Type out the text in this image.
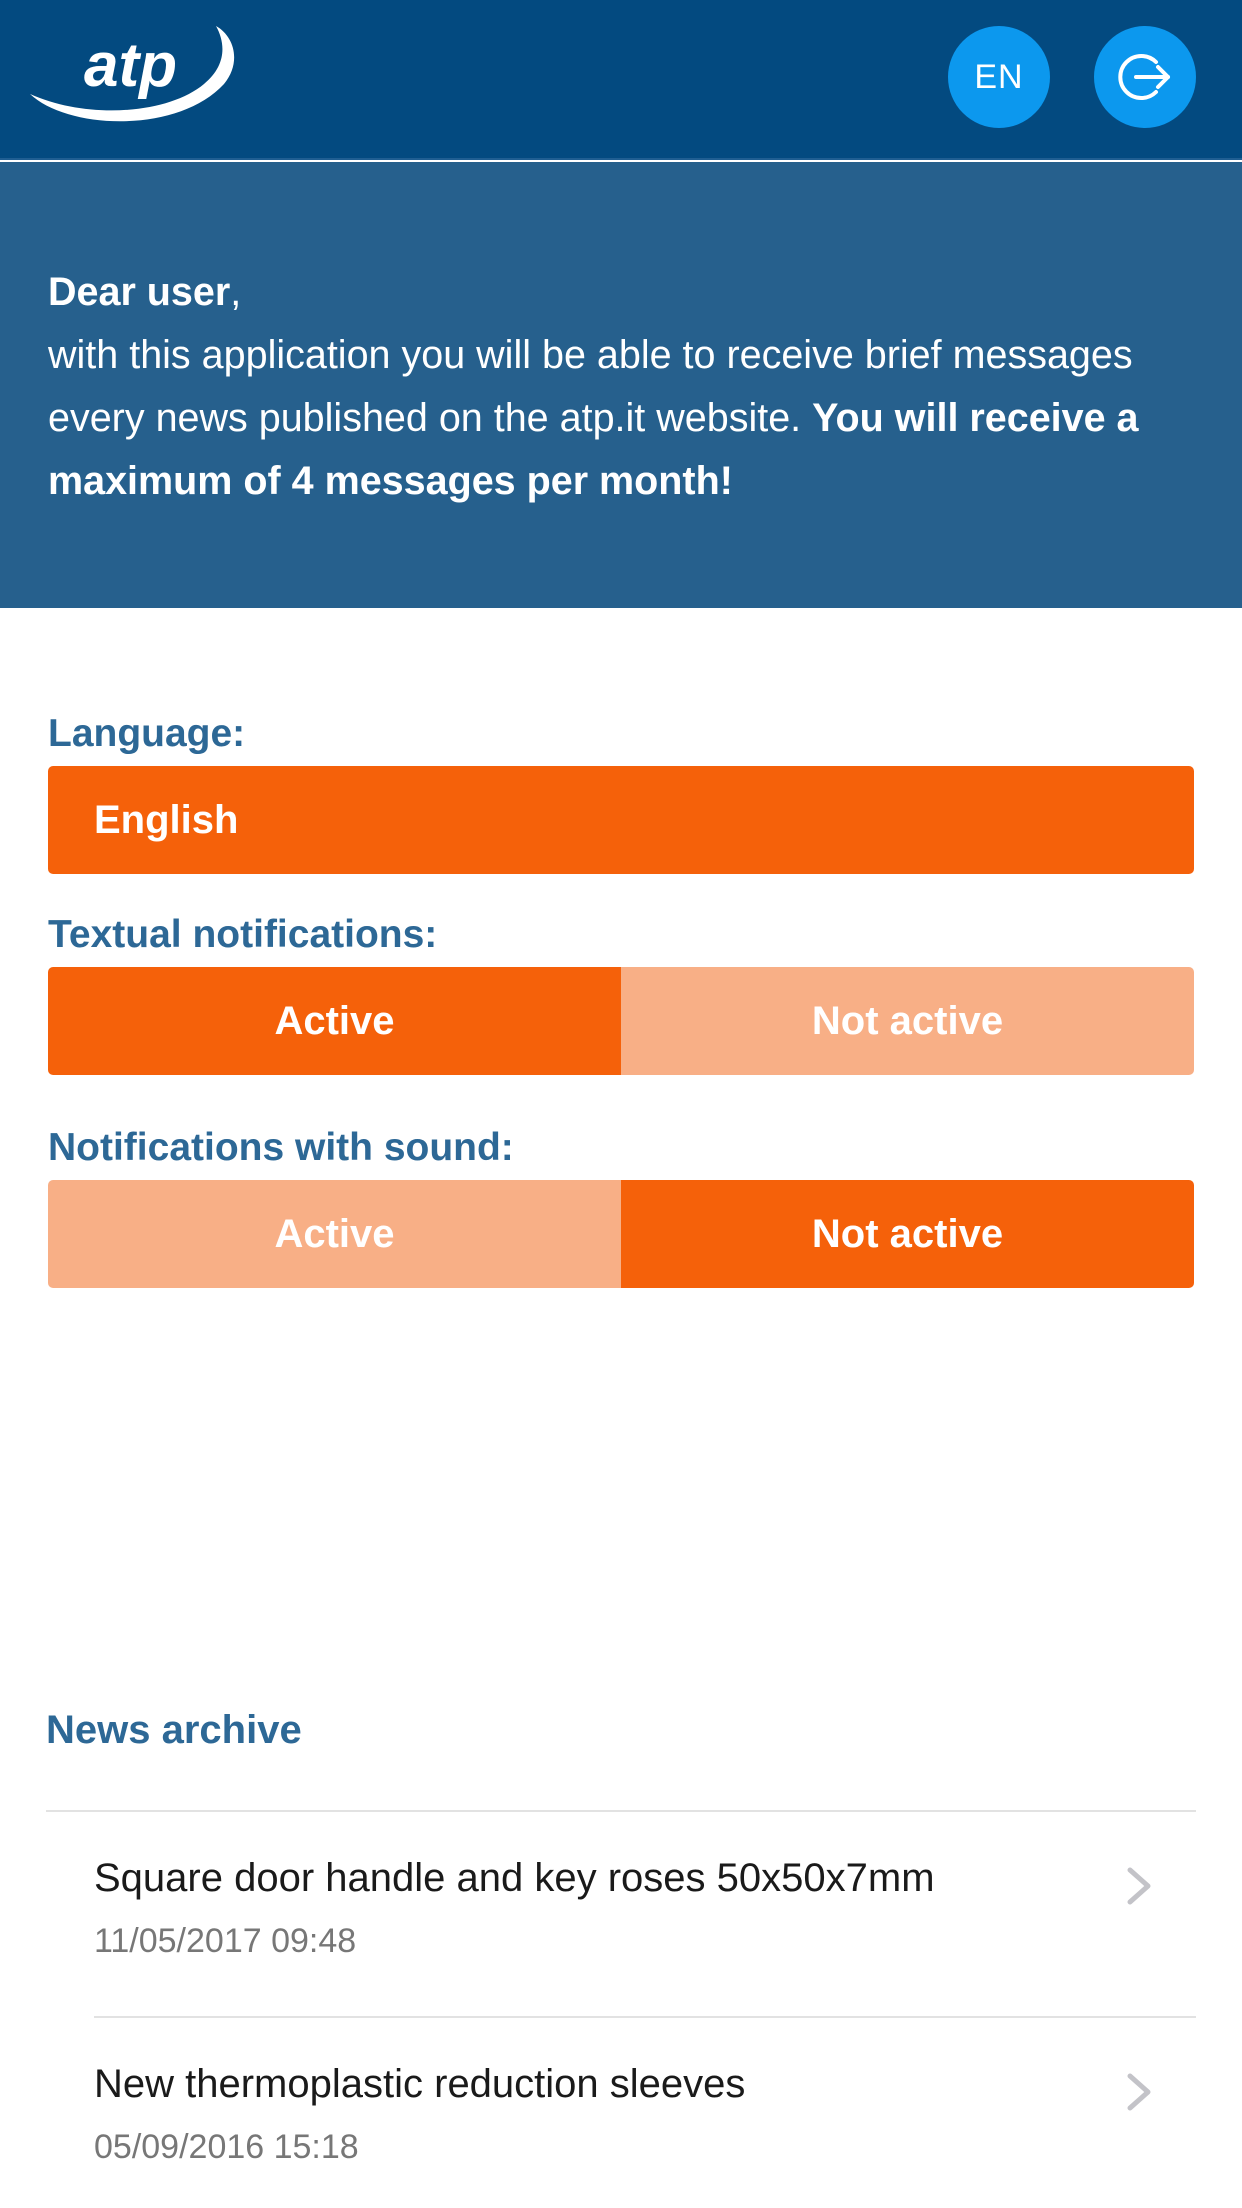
atp	EN
Dear user,
with this application you will be able to receive brief messages every news published on the atp.it website. You will receive a maximum of 4 messages per month!
Language:
English
Textual notifications:
Active	Not active
Notifications with sound:
Active	Not active
News archive
Square door handle and key roses 50x50x7mm
11/05/2017 09:48
New thermoplastic reduction sleeves
05/09/2016 15:18
